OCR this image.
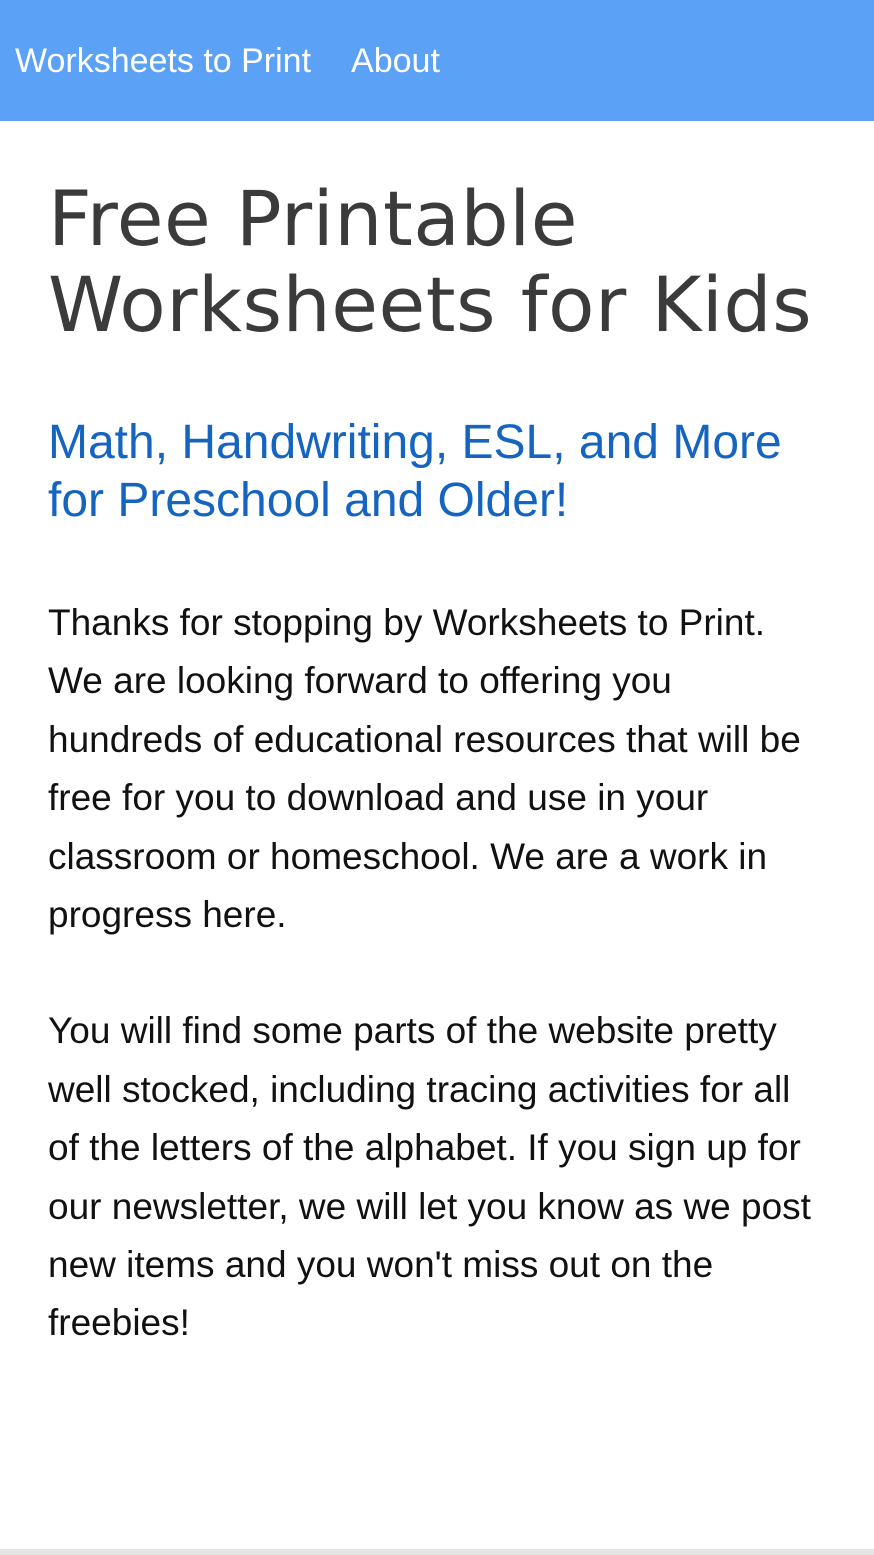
Worksheets to Print About
Free Printable Worksheets for Kids
Math, Handwriting, ESL, and More for Preschool and Older!

Thanks for stopping by Worksheets to Print. We are looking forward to offering you hundreds of educational resources that will be free for you to download and use in your classroom or homeschool. We are a work in progress here.

You will find some parts of the website pretty well stocked, including tracing activities for all of the letters of the alphabet. If you sign up for our newsletter, we will let you know as we post new items and you won't miss out on the freebies!
